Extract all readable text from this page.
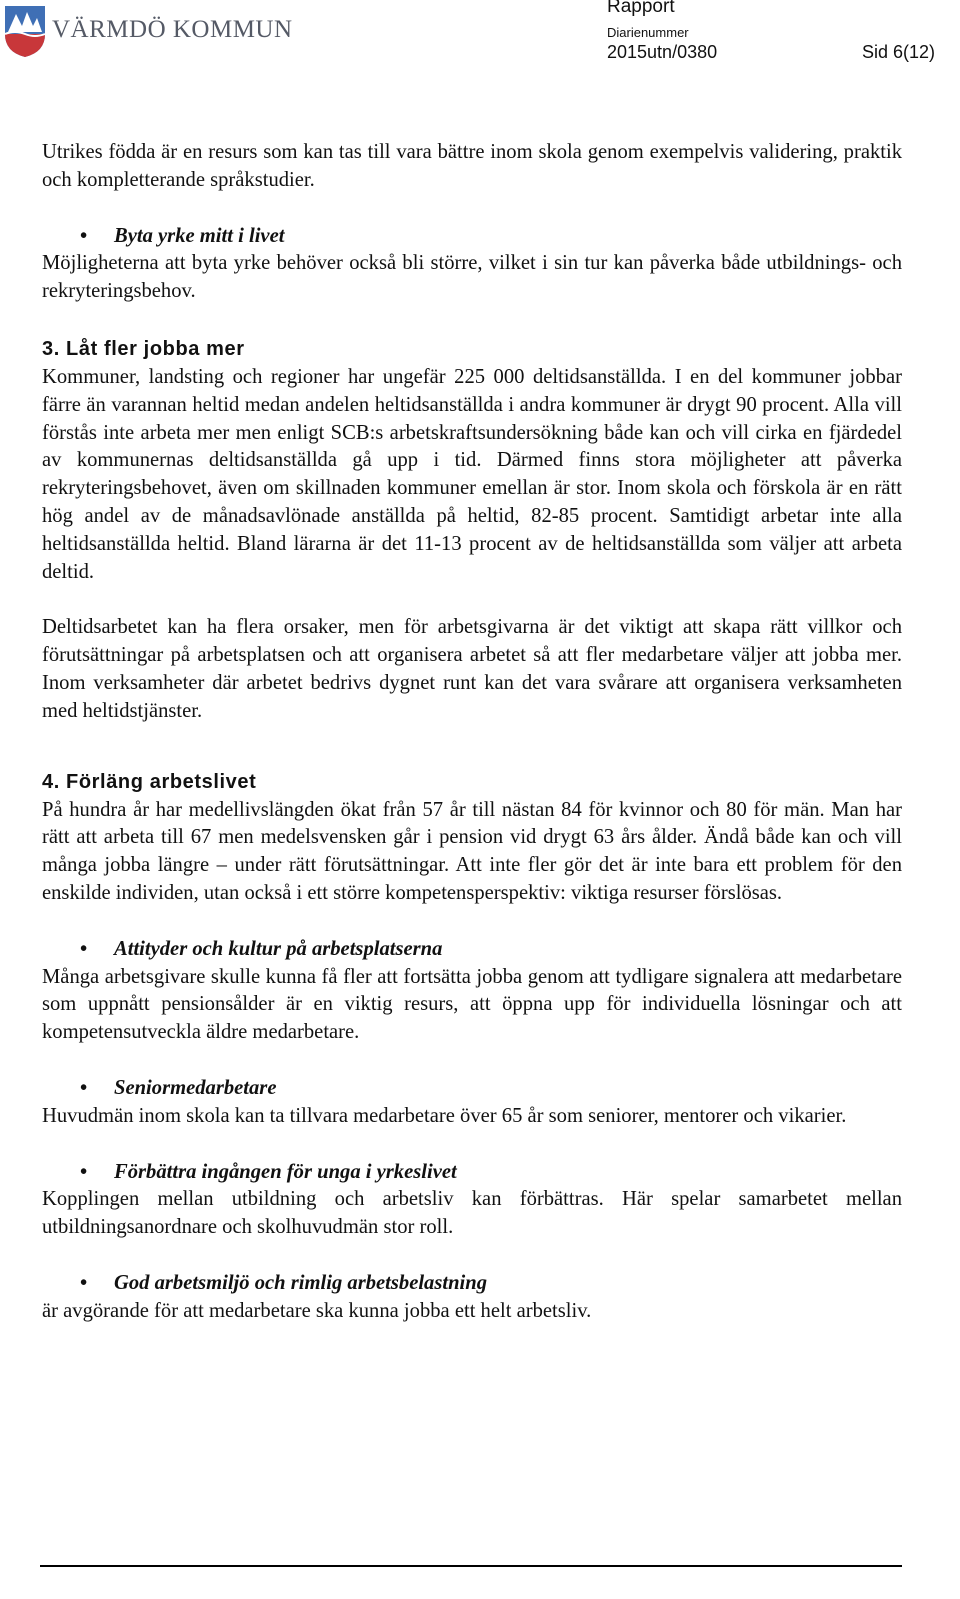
VÄRMDÖ KOMMUN
Rapport
Diarienummer
2015utn/0380	Sid 6(12)

Utrikes födda är en resurs som kan tas till vara bättre inom skola genom exempelvis validering, praktik och kompletterande språkstudier.

• Byta yrke mitt i livet

Möjligheterna att byta yrke behöver också bli större, vilket i sin tur kan påverka både utbildnings- och rekryteringsbehov.

3. Låt fler jobba mer

Kommuner, landsting och regioner har ungefär 225 000 deltidsanställda. I en del kommuner jobbar färre än varannan heltid medan andelen heltidsanställda i andra kommuner är drygt 90 procent. Alla vill förstås inte arbeta mer men enligt SCB:s arbetskraftsundersökning både kan och vill cirka en fjärdedel av kommunernas deltidsanställda gå upp i tid. Därmed finns stora möjligheter att påverka rekryteringsbehovet, även om skillnaden kommuner emellan är stor. Inom skola och förskola är en rätt hög andel av de månadsavlönade anställda på heltid, 82-85 procent. Samtidigt arbetar inte alla heltidsanställda heltid. Bland lärarna är det 11-13 procent av de heltidsanställda som väljer att arbeta deltid.

Deltidsarbetet kan ha flera orsaker, men för arbetsgivarna är det viktigt att skapa rätt villkor och förutsättningar på arbetsplatsen och att organisera arbetet så att fler medarbetare väljer att jobba mer. Inom verksamheter där arbetet bedrivs dygnet runt kan det vara svårare att organisera verksamheten med heltidstjänster.

4. Förläng arbetslivet

På hundra år har medellivslängden ökat från 57 år till nästan 84 för kvinnor och 80 för män. Man har rätt att arbeta till 67 men medelsvensken går i pension vid drygt 63 års ålder. Ändå både kan och vill många jobba längre – under rätt förutsättningar. Att inte fler gör det är inte bara ett problem för den enskilde individen, utan också i ett större kompetensperspektiv: viktiga resurser förslösas.

• Attityder och kultur på arbetsplatserna

Många arbetsgivare skulle kunna få fler att fortsätta jobba genom att tydligare signalera att medarbetare som uppnått pensionsålder är en viktig resurs, att öppna upp för individuella lösningar och att kompetensutveckla äldre medarbetare.

• Seniormedarbetare

Huvudmän inom skola kan ta tillvara medarbetare över 65 år som seniorer, mentorer och vikarier.

• Förbättra ingången för unga i yrkeslivet

Kopplingen mellan utbildning och arbetsliv kan förbättras. Här spelar samarbetet mellan utbildningsanordnare och skolhuvudmän stor roll.

• God arbetsmiljö och rimlig arbetsbelastning

är avgörande för att medarbetare ska kunna jobba ett helt arbetsliv.
